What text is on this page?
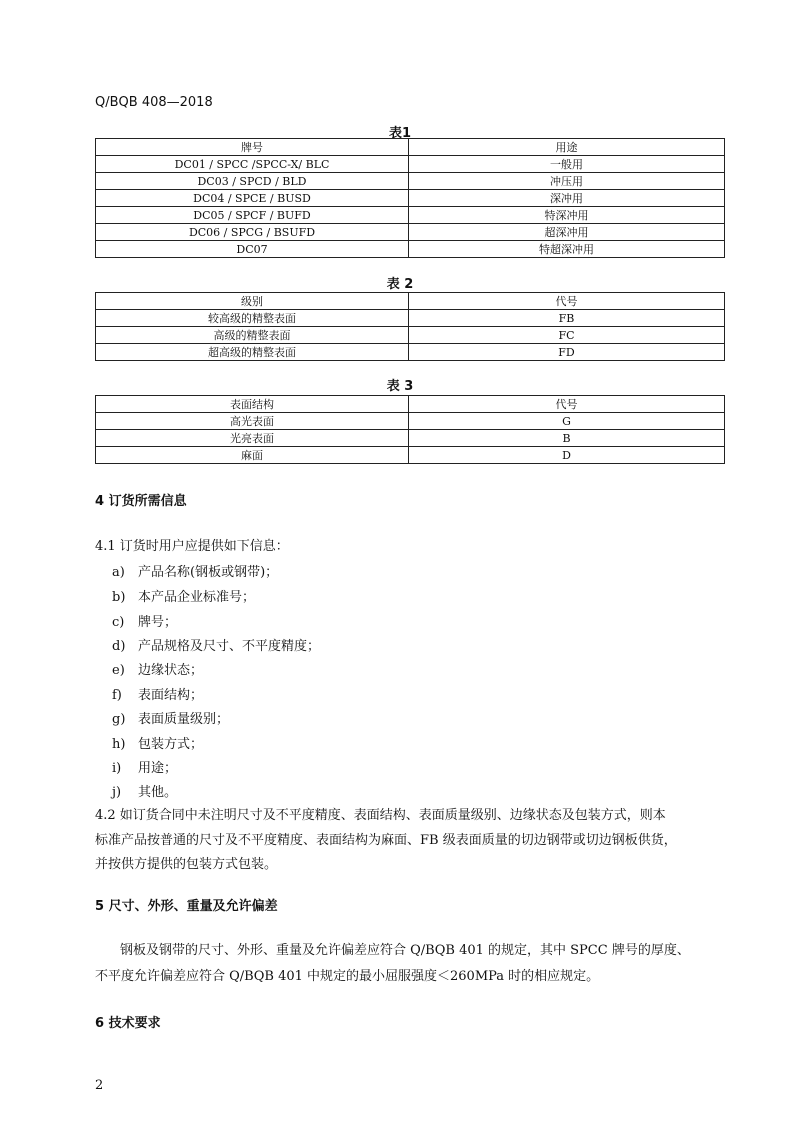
Q/BQB 408—2018
表1
牌号	用途
DC01 / SPCC /SPCC-X/ BLC	一般用
DC03 / SPCD / BLD	冲压用
DC04 / SPCE / BUSD	深冲用
DC05 / SPCF / BUFD	特深冲用
DC06 / SPCG / BSUFD	超深冲用
DC07	特超深冲用
表 2
级别	代号
较高级的精整表面	FB
高级的精整表面	FC
超高级的精整表面	FD
表 3
表面结构	代号
高光表面	G
光亮表面	B
麻面	D
4 订货所需信息
4.1 订货时用户应提供如下信息：
a) 产品名称(钢板或钢带)；
b) 本产品企业标准号；
c) 牌号；
d) 产品规格及尺寸、不平度精度；
e) 边缘状态；
f) 表面结构；
g) 表面质量级别；
h) 包装方式；
i) 用途；
j) 其他。
4.2 如订货合同中未注明尺寸及不平度精度、表面结构、表面质量级别、边缘状态及包装方式，则本
标准产品按普通的尺寸及不平度精度、表面结构为麻面、FB 级表面质量的切边钢带或切边钢板供货，
并按供方提供的包装方式包装。
5 尺寸、外形、重量及允许偏差
钢板及钢带的尺寸、外形、重量及允许偏差应符合 Q/BQB 401 的规定，其中 SPCC 牌号的厚度、
不平度允许偏差应符合 Q/BQB 401 中规定的最小屈服强度＜260MPa 时的相应规定。
6 技术要求
2
